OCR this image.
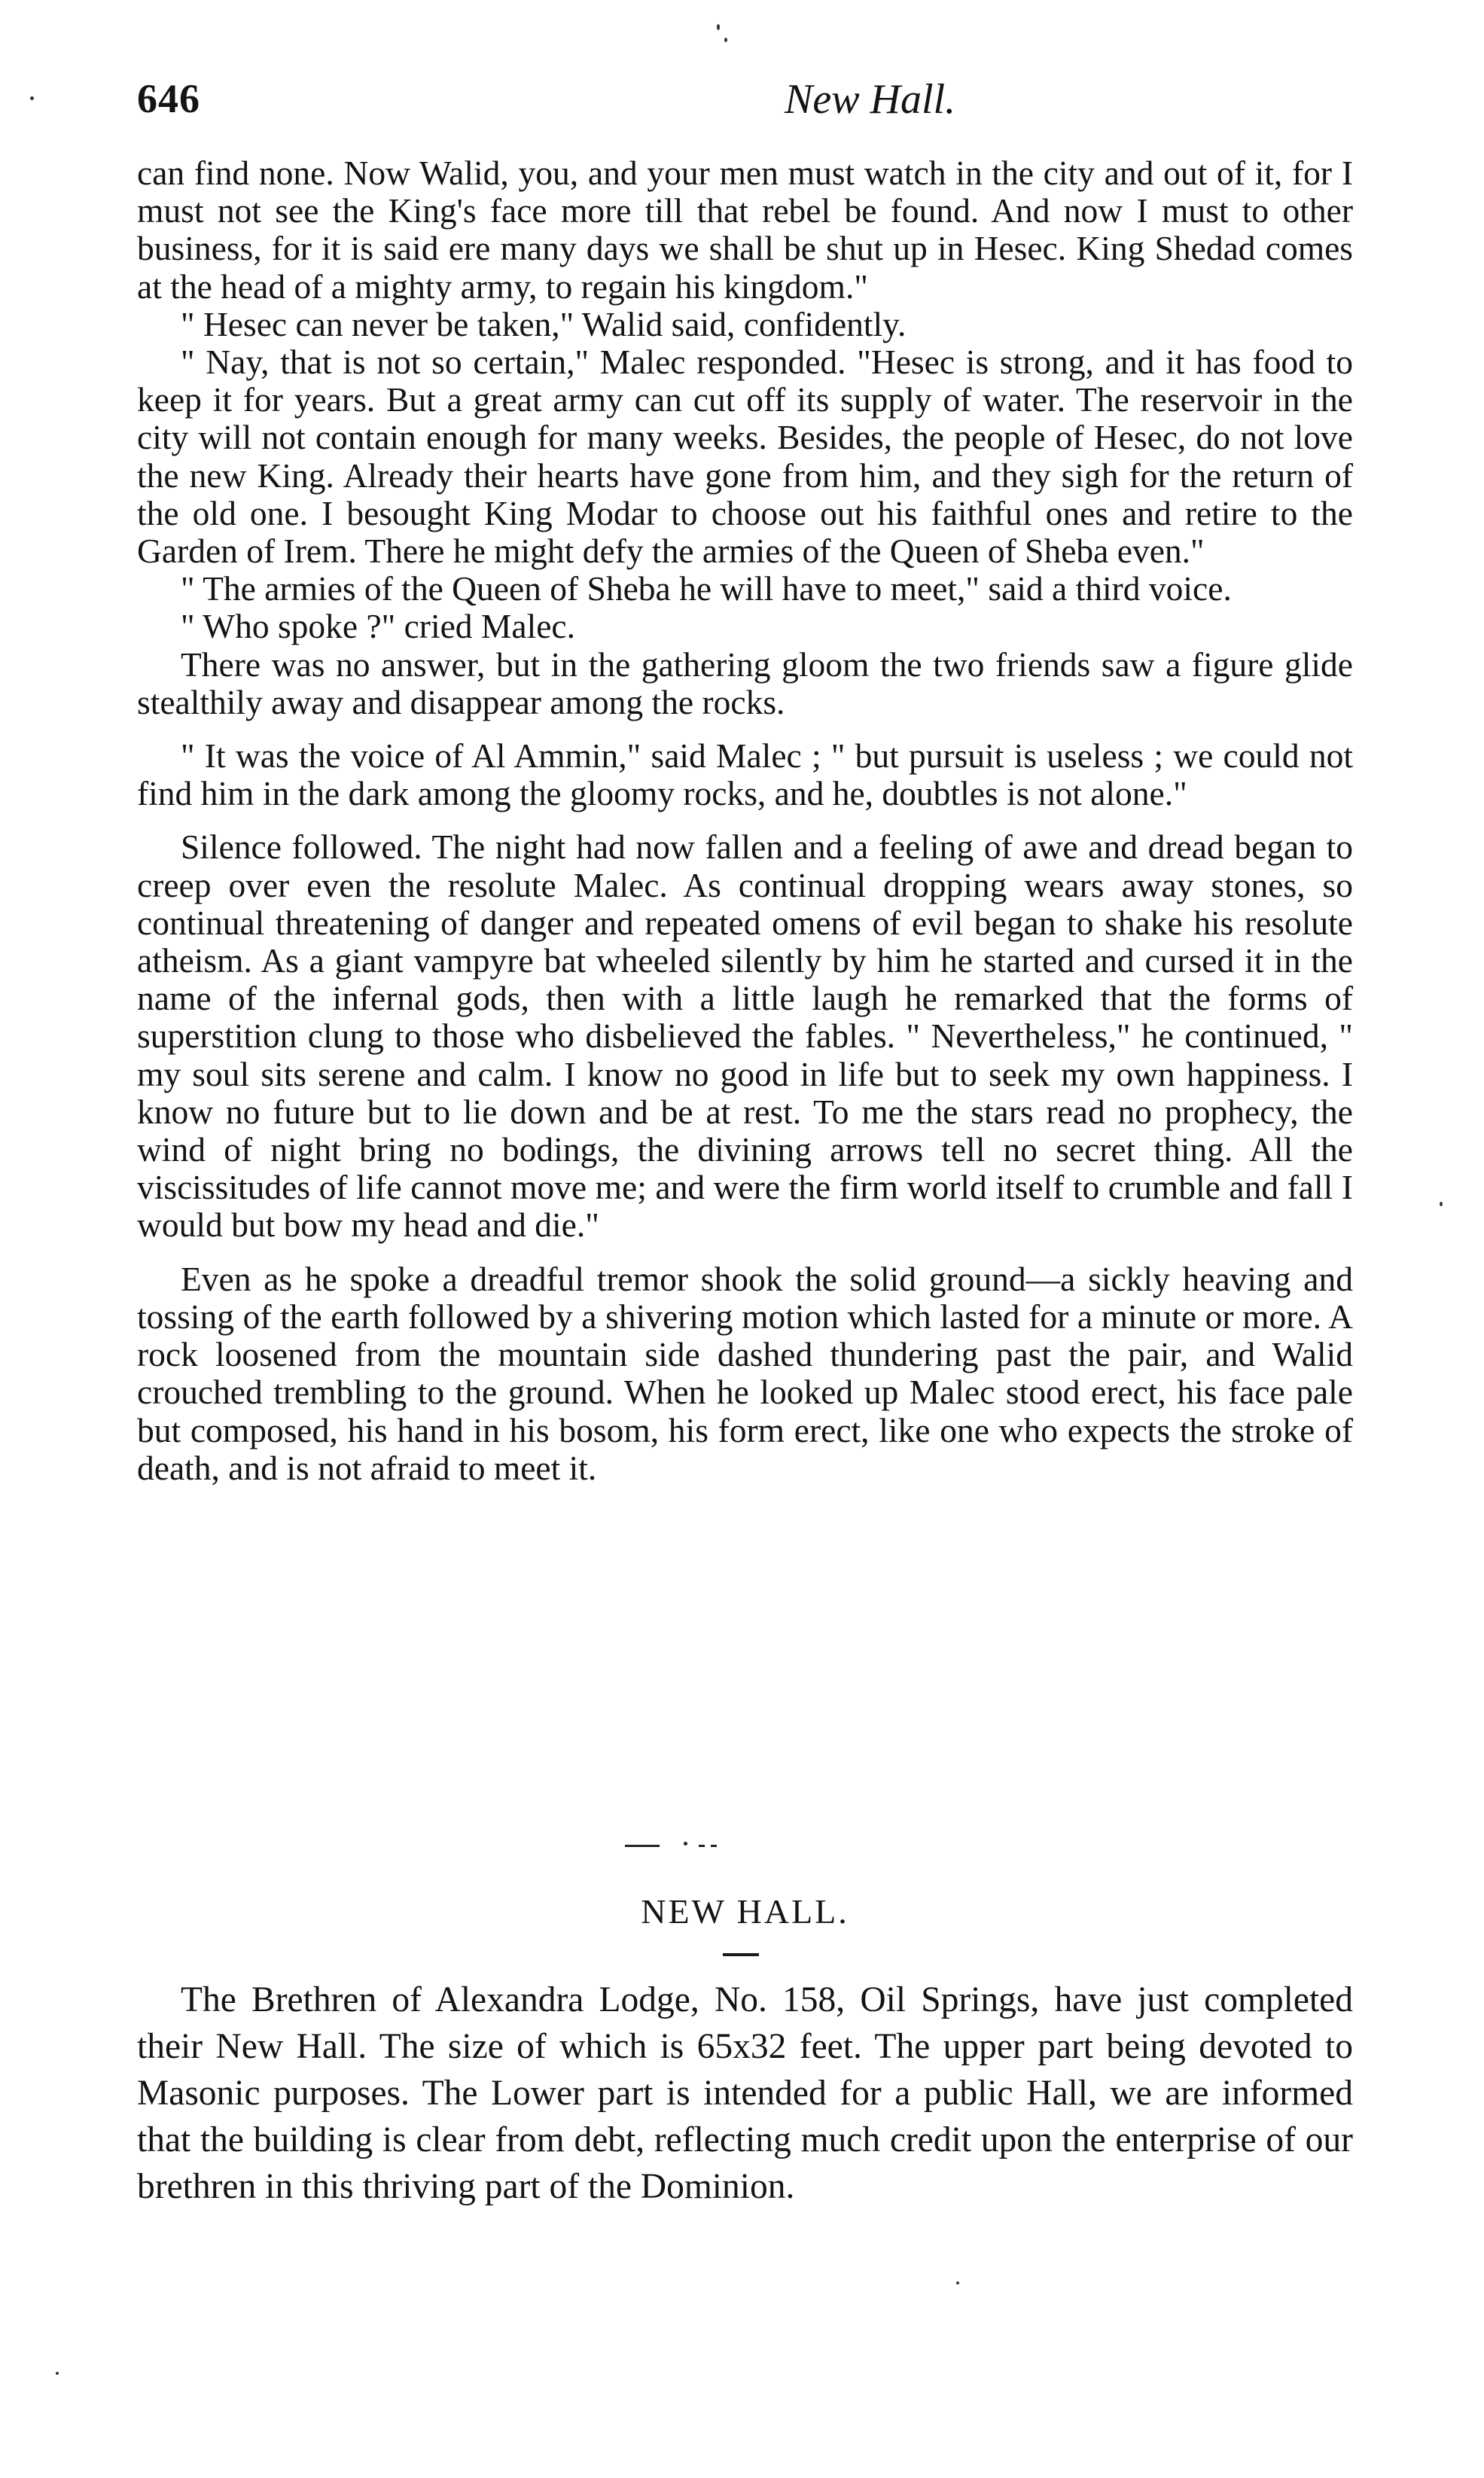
646	New Hall.

can find none. Now Walid, you, and your men must watch in the city and out of it, for I must not see the King's face more till that rebel be found. And now I must to other business, for it is said ere many days we shall be shut up in Hesec. King Shedad comes at the head of a mighty army, to regain his kingdom."

" Hesec can never be taken," Walid said, confidently.

" Nay, that is not so certain," Malec responded. "Hesec is strong, and it has food to keep it for years. But a great army can cut off its supply of water. The reservoir in the city will not contain enough for many weeks. Besides, the people of Hesec, do not love the new King. Already their hearts have gone from him, and they sigh for the return of the old one. I besought King Modar to choose out his faithful ones and retire to the Garden of Irem. There he might defy the armies of the Queen of Sheba even."

" The armies of the Queen of Sheba he will have to meet," said a third voice.

" Who spoke ?" cried Malec.

There was no answer, but in the gathering gloom the two friends saw a figure glide stealthily away and disappear among the rocks.

" It was the voice of Al Ammin," said Malec ; " but pursuit is useless ; we could not find him in the dark among the gloomy rocks, and he, doubtles is not alone."

Silence followed. The night had now fallen and a feeling of awe and dread began to creep over even the resolute Malec. As continual dropping wears away stones, so continual threatening of danger and repeated omens of evil began to shake his resolute atheism. As a giant vampyre bat wheeled silently by him he started and cursed it in the name of the infernal gods, then with a little laugh he remarked that the forms of superstition clung to those who disbelieved the fables. " Nevertheless," he continued, " my soul sits serene and calm. I know no good in life but to seek my own happiness. I know no future but to lie down and be at rest. To me the stars read no prophecy, the wind of night bring no bodings, the divining arrows tell no secret thing. All the viscissitudes of life cannot move me; and were the firm world itself to crumble and fall I would but bow my head and die."

Even as he spoke a dreadful tremor shook the solid ground—a sickly heaving and tossing of the earth followed by a shivering motion which lasted for a minute or more. A rock loosened from the mountain side dashed thundering past the pair, and Walid crouched trembling to the ground. When he looked up Malec stood erect, his face pale but composed, his hand in his bosom, his form erect, like one who expects the stroke of death, and is not afraid to meet it.

NEW HALL.

The Brethren of Alexandra Lodge, No. 158, Oil Springs, have just completed their New Hall. The size of which is 65x32 feet. The upper part being devoted to Masonic purposes. The Lower part is intended for a public Hall, we are informed that the building is clear from debt, reflecting much credit upon the enterprise of our brethren in this thriving part of the Dominion.
